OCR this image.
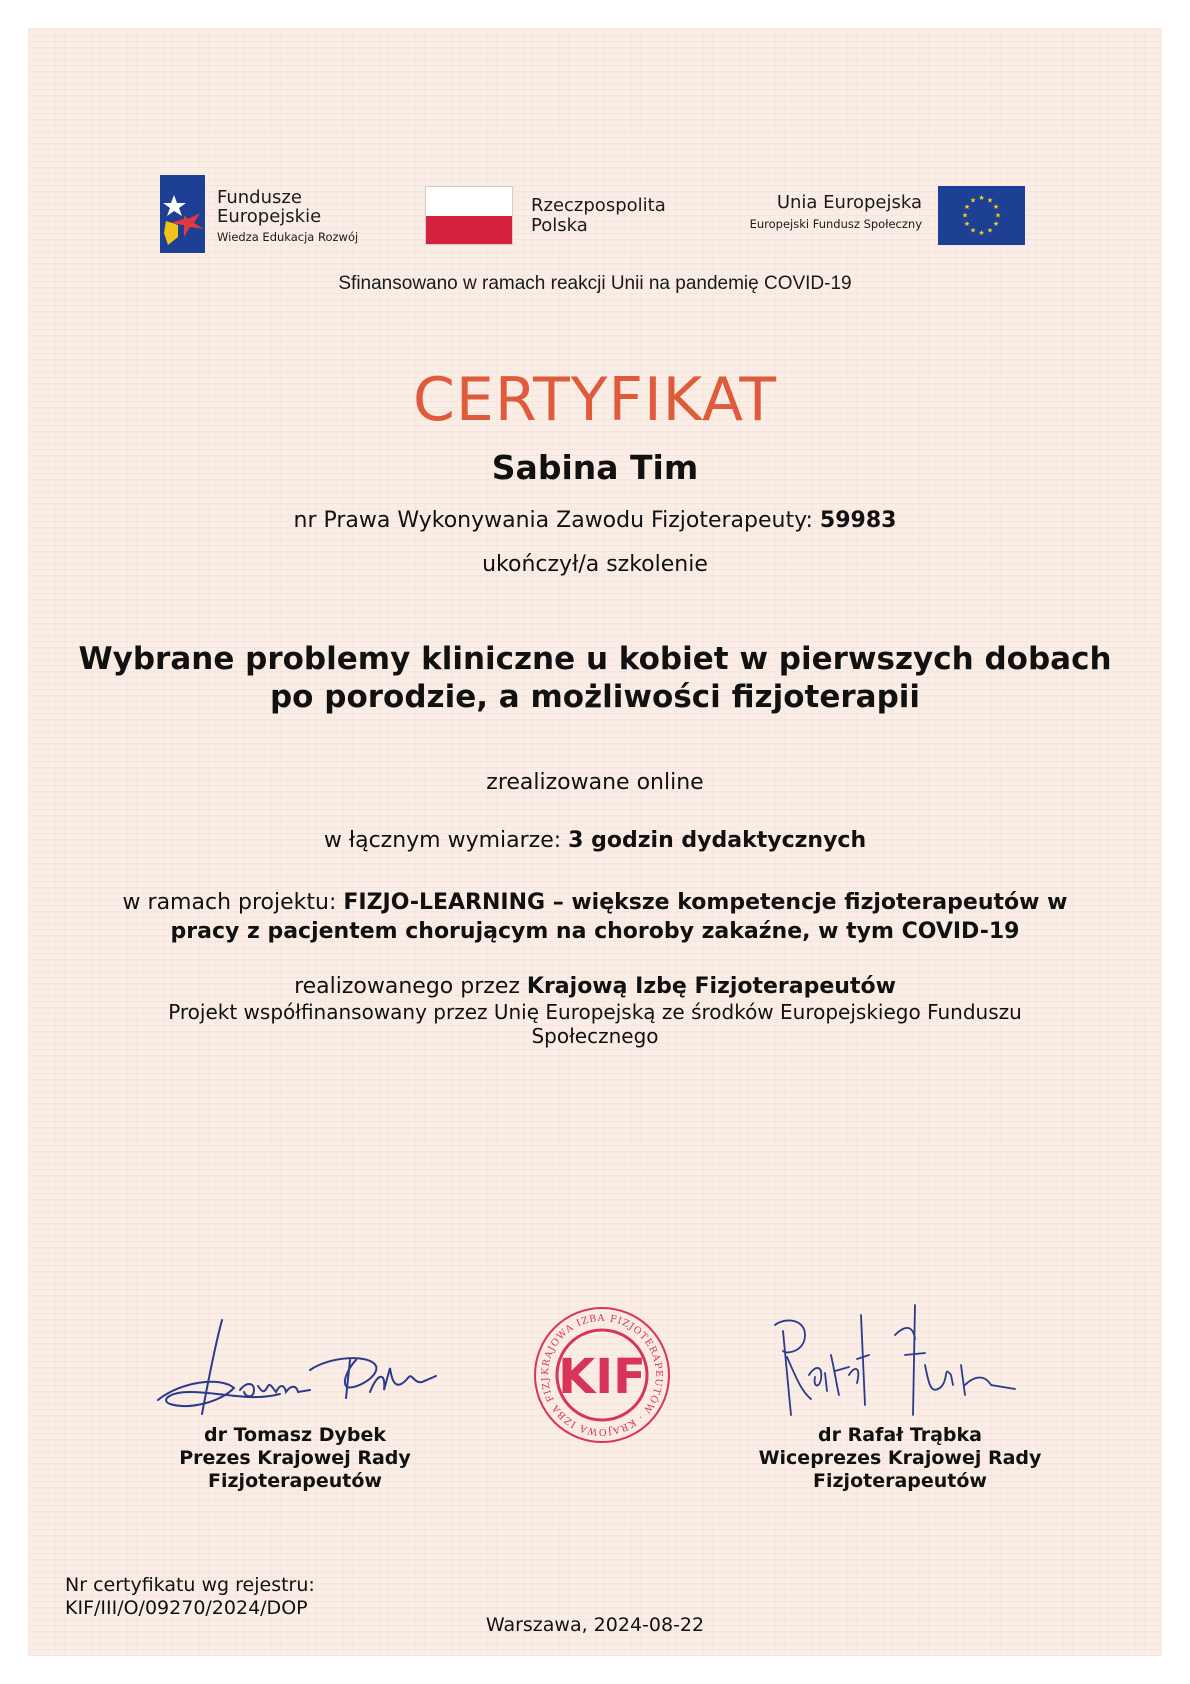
Fundusze
Europejskie
Wiedza Edukacja Rozwój
Rzeczpospolita
Polska
Unia Europejska
Europejski Fundusz Społeczny
★ ★
★
★
★
★
★
★
★
★
★
★
Sfinansowano w ramach reakcji Unii na pandemię COVID-19
CERTYFIKAT
Sabina Tim
nr Prawa Wykonywania Zawodu Fizjoterapeuty: 59983
ukończył/a szkolenie
Wybrane problemy kliniczne u kobiet w pierwszych dobach
po porodzie, a możliwości fizjoterapii
zrealizowane online
w łącznym wymiarze: 3 godzin dydaktycznych
w ramach projektu: FIZJO-LEARNING – większe kompetencje fizjoterapeutów w
pracy z pacjentem chorującym na choroby zakaźne, w tym COVID-19
realizowanego przez Krajową Izbę Fizjoterapeutów
Projekt współfinansowany przez Unię Europejską ze środków Europejskiego Funduszu
Społecznego
KRAJOWA IZBA FIZJOTERAPEUTÓW · KRAJOWA IZBA FIZJ KIF
dr Tomasz Dybek
Prezes Krajowej Rady
Fizjoterapeutów
dr Rafał Trąbka
Wiceprezes Krajowej Rady
Fizjoterapeutów
Nr certyfikatu wg rejestru:
KIF/III/O/09270/2024/DOP
Warszawa, 2024-08-22
